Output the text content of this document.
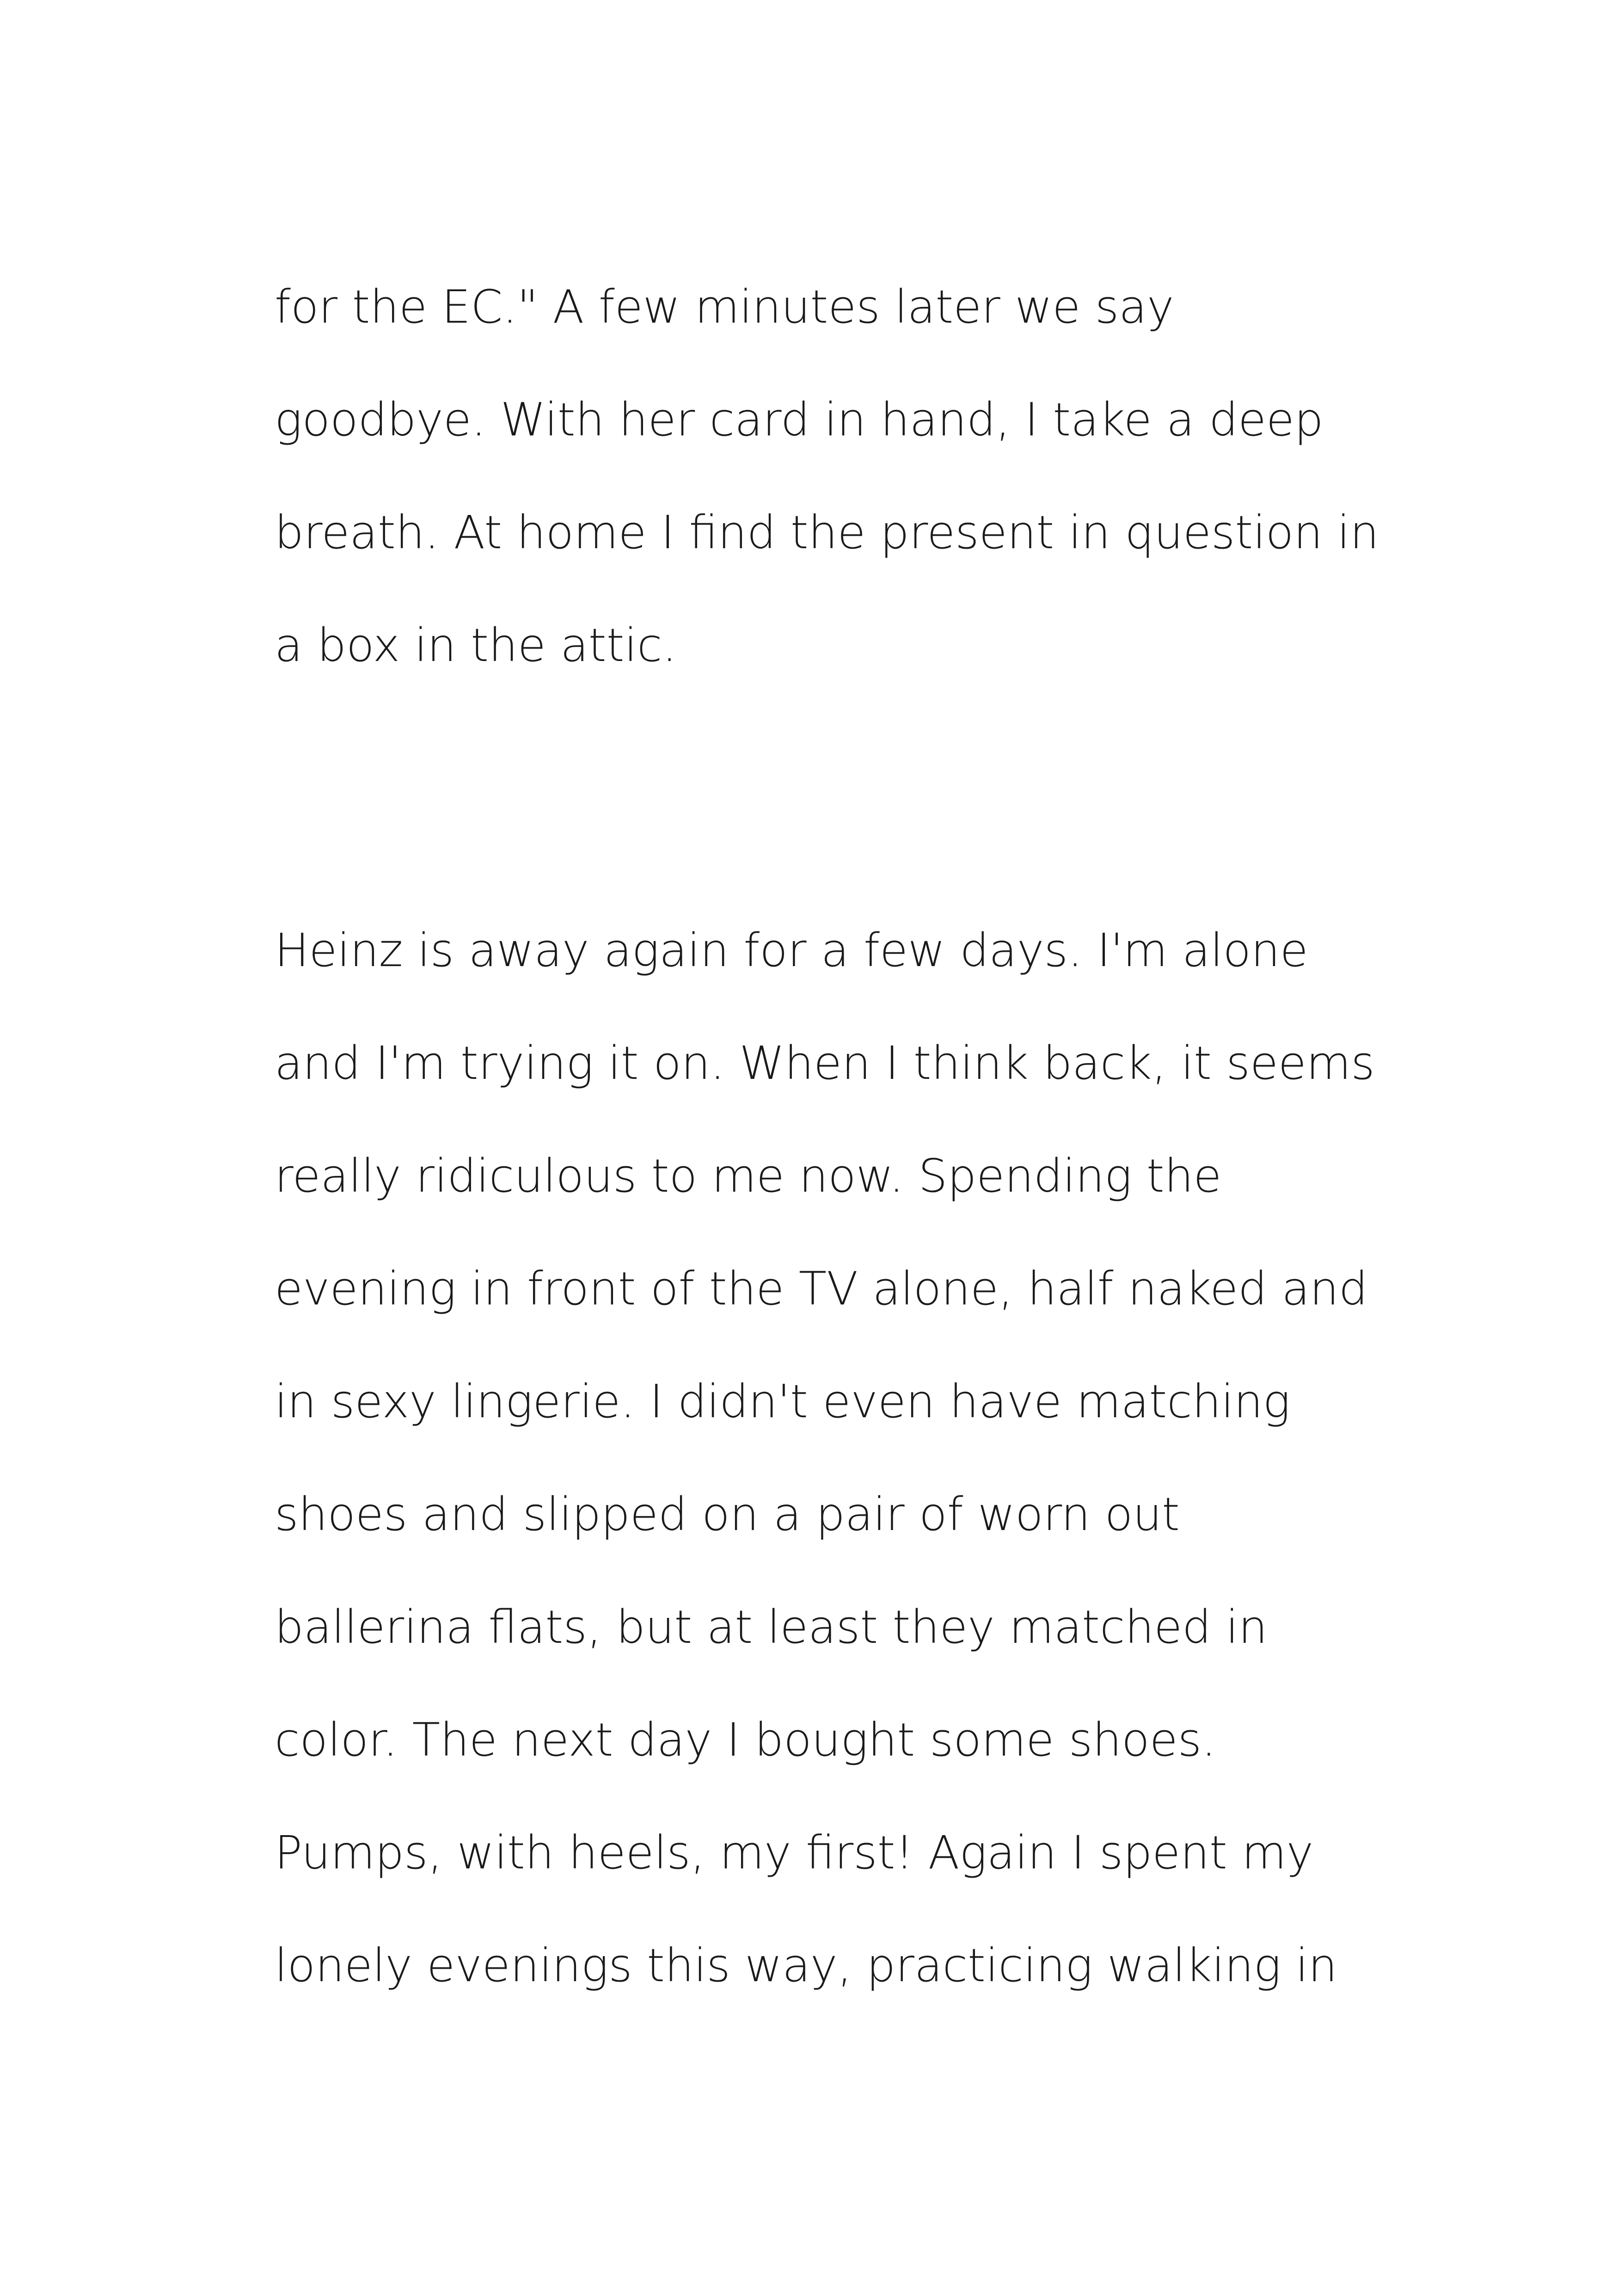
for the EC." A few minutes later we say
goodbye. With her card in hand, I take a deep
breath. At home I find the present in question in
a box in the attic.
Heinz is away again for a few days. I'm alone
and I'm trying it on. When I think back, it seems
really ridiculous to me now. Spending the
evening in front of the TV alone, half naked and
in sexy lingerie. I didn't even have matching
shoes and slipped on a pair of worn out
ballerina flats, but at least they matched in
color. The next day I bought some shoes.
Pumps, with heels, my first! Again I spent my
lonely evenings this way, practicing walking in
